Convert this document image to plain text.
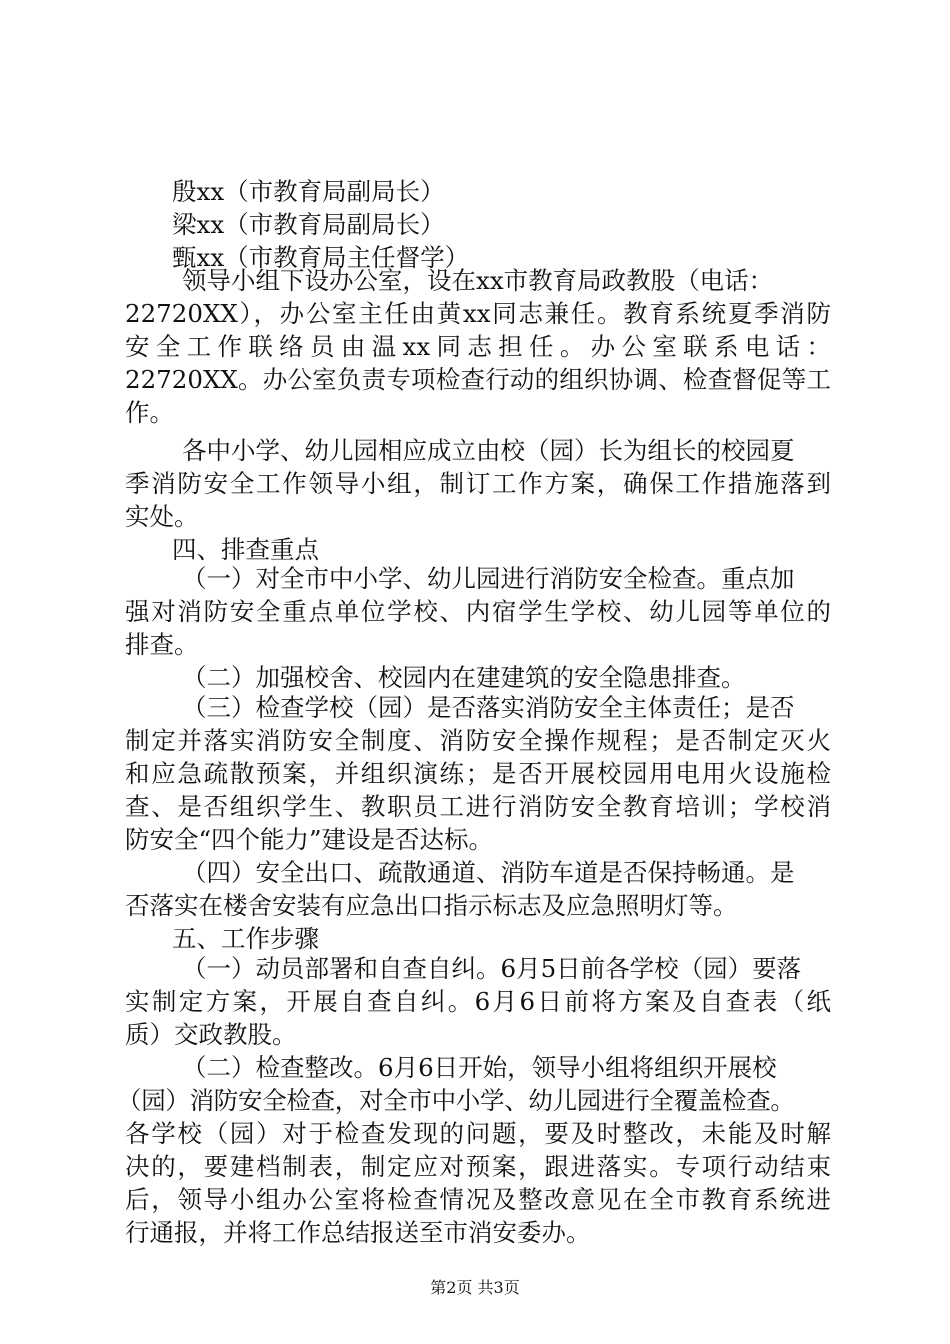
殷xx（市教育局副局长）
梁xx（市教育局副局长）
甄xx（市教育局主任督学）
领导小组下设办公室，设在xx市教育局政教股（电话：
22720XX），办公室主任由黄xx同志兼任。教育系统夏季消防
安全工作联络员由温xx同志担任。办公室联系电话：
22720XX。办公室负责专项检查行动的组织协调、检查督促等工
作。
各中小学、幼儿园相应成立由校（园）长为组长的校园夏
季消防安全工作领导小组，制订工作方案，确保工作措施落到
实处。
四、排查重点
（一）对全市中小学、幼儿园进行消防安全检查。重点加
强对消防安全重点单位学校、内宿学生学校、幼儿园等单位的
排查。
（二）加强校舍、校园内在建建筑的安全隐患排查。
（三）检查学校（园）是否落实消防安全主体责任；是否
制定并落实消防安全制度、消防安全操作规程；是否制定灭火
和应急疏散预案，并组织演练；是否开展校园用电用火设施检
查、是否组织学生、教职员工进行消防安全教育培训；学校消
防安全“四个能力”建设是否达标。
（四）安全出口、疏散通道、消防车道是否保持畅通。是
否落实在楼舍安装有应急出口指示标志及应急照明灯等。
五、工作步骤
（一）动员部署和自查自纠。6月5日前各学校（园）要落
实制定方案，开展自查自纠。6月6日前将方案及自查表（纸
质）交政教股。
（二）检查整改。6月6日开始，领导小组将组织开展校
（园）消防安全检查，对全市中小学、幼儿园进行全覆盖检查。
各学校（园）对于检查发现的问题，要及时整改，未能及时解
决的，要建档制表，制定应对预案，跟进落实。专项行动结束
后，领导小组办公室将检查情况及整改意见在全市教育系统进
行通报，并将工作总结报送至市消安委办。
第2页 共3页
